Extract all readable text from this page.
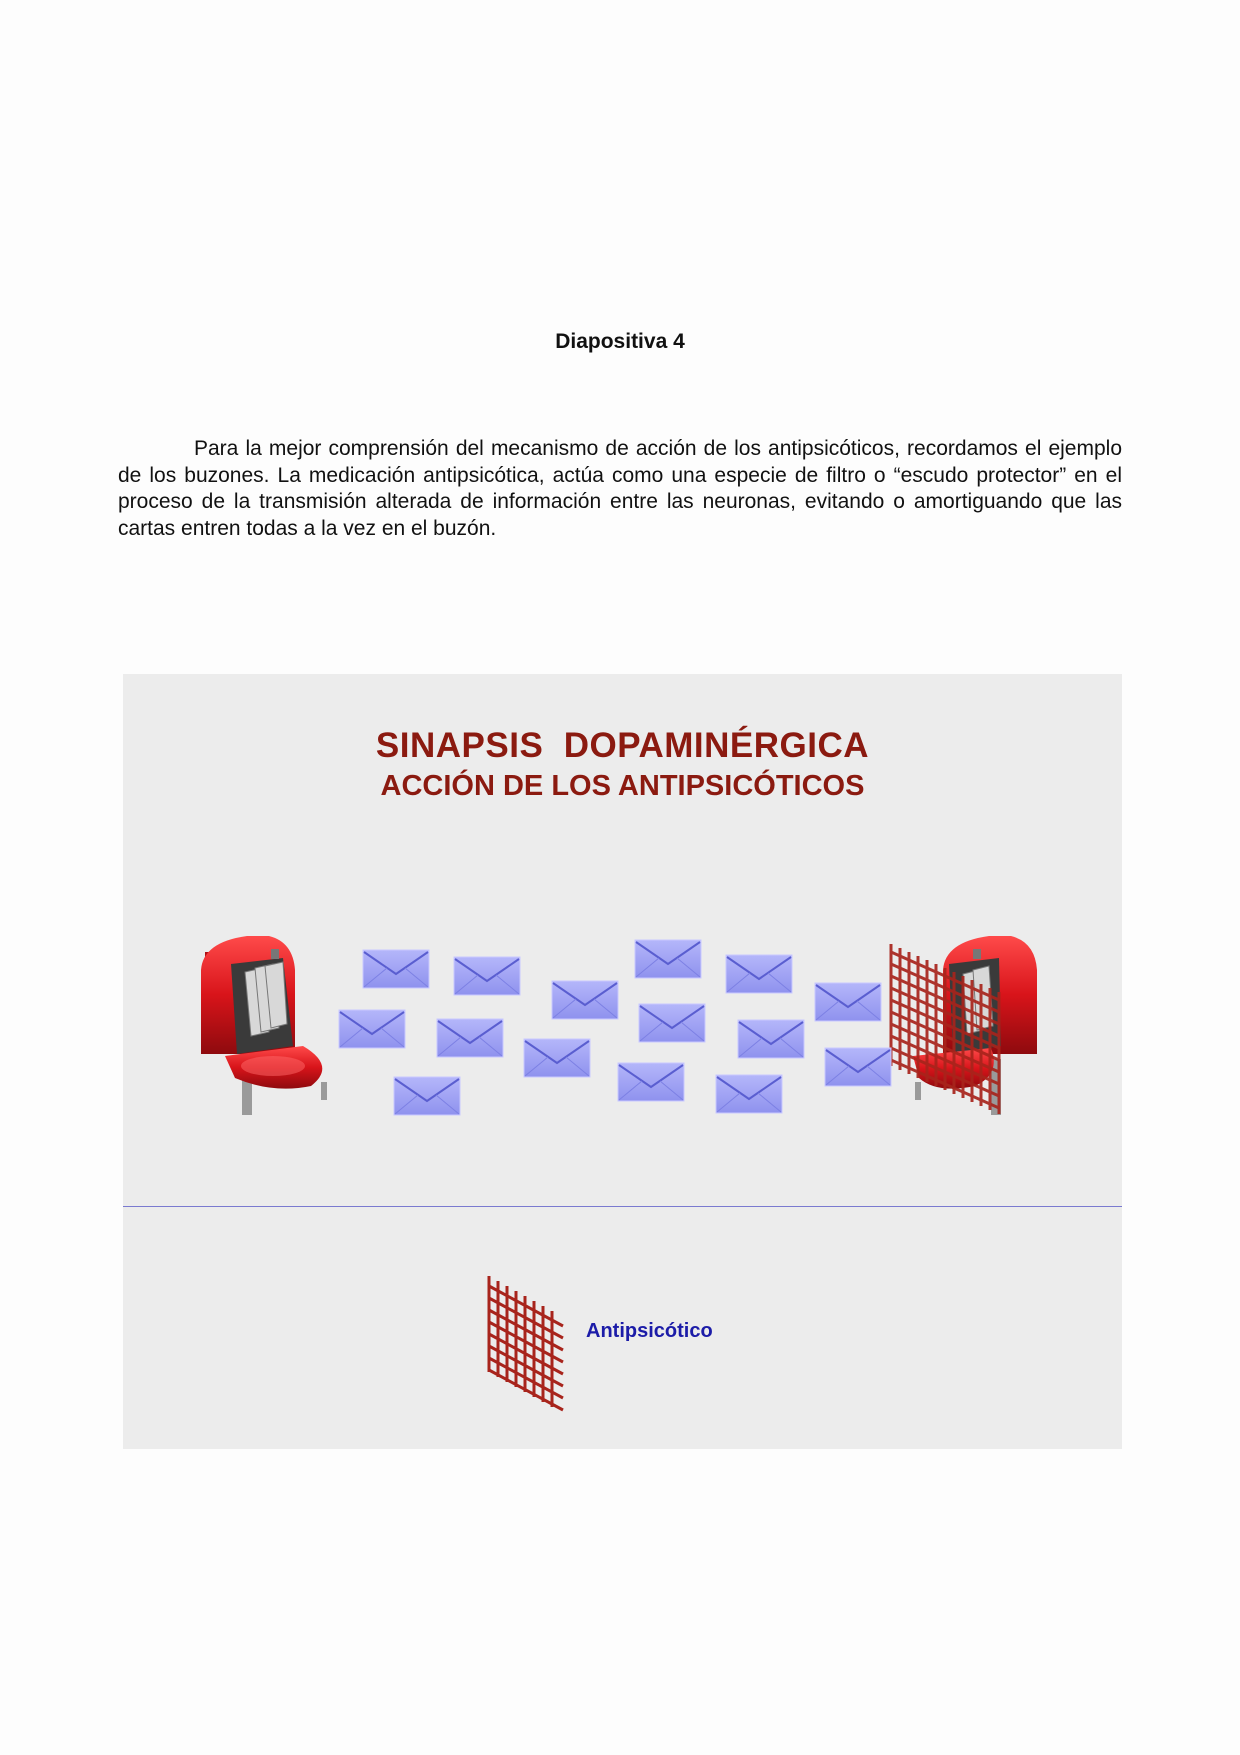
Diapositiva 4

Para la mejor comprensión del mecanismo de acción de los antipsicóticos, recordamos el ejemplo de los buzones. La medicación antipsicótica, actúa como una especie de filtro o “escudo protector” en el proceso de la transmisión alterada de información entre las neuronas, evitando o amortiguando que las cartas entren todas a la vez en el buzón.

SINAPSIS  DOPAMINÉRGICA
ACCIÓN DE LOS ANTIPSICÓTICOS
Antipsicótico
